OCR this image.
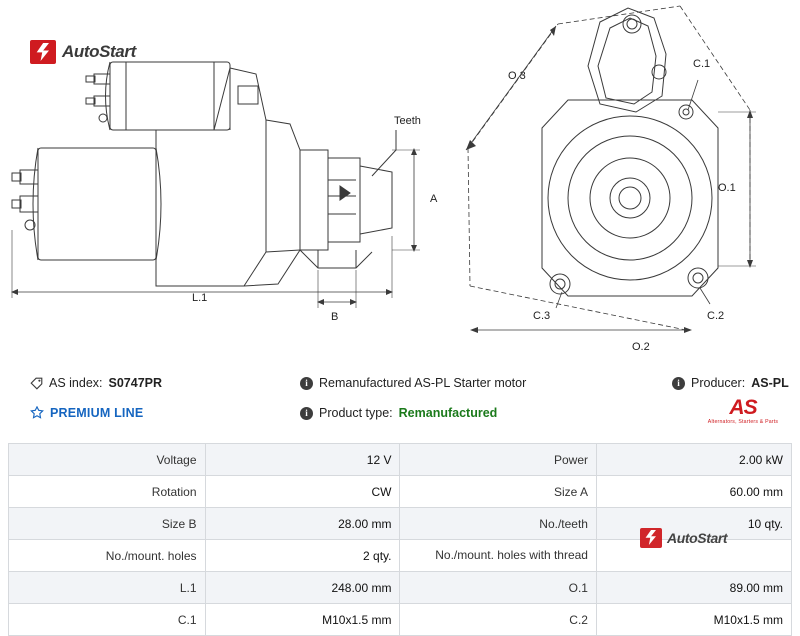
AutoStart
Teeth
A
L.1
B
O.3
O.1
O.2
C.1
C.2
C.3
AS index: S0747PR
PREMIUM LINE
i Remanufactured AS-PL Starter motor
i Product type: Remanufactured
i Producer: AS-PL
AS
Alternators, Starters & Parts
Voltage	12 V	Power	2.00 kW
Rotation	CW	Size A	60.00 mm
Size B	28.00 mm	No./teeth	10 qty.
No./mount. holes	2 qty.	No./mount. holes with thread	
L.1	248.00 mm	O.1	89.00 mm
C.1	M10x1.5 mm	C.2	M10x1.5 mm
AutoStart
